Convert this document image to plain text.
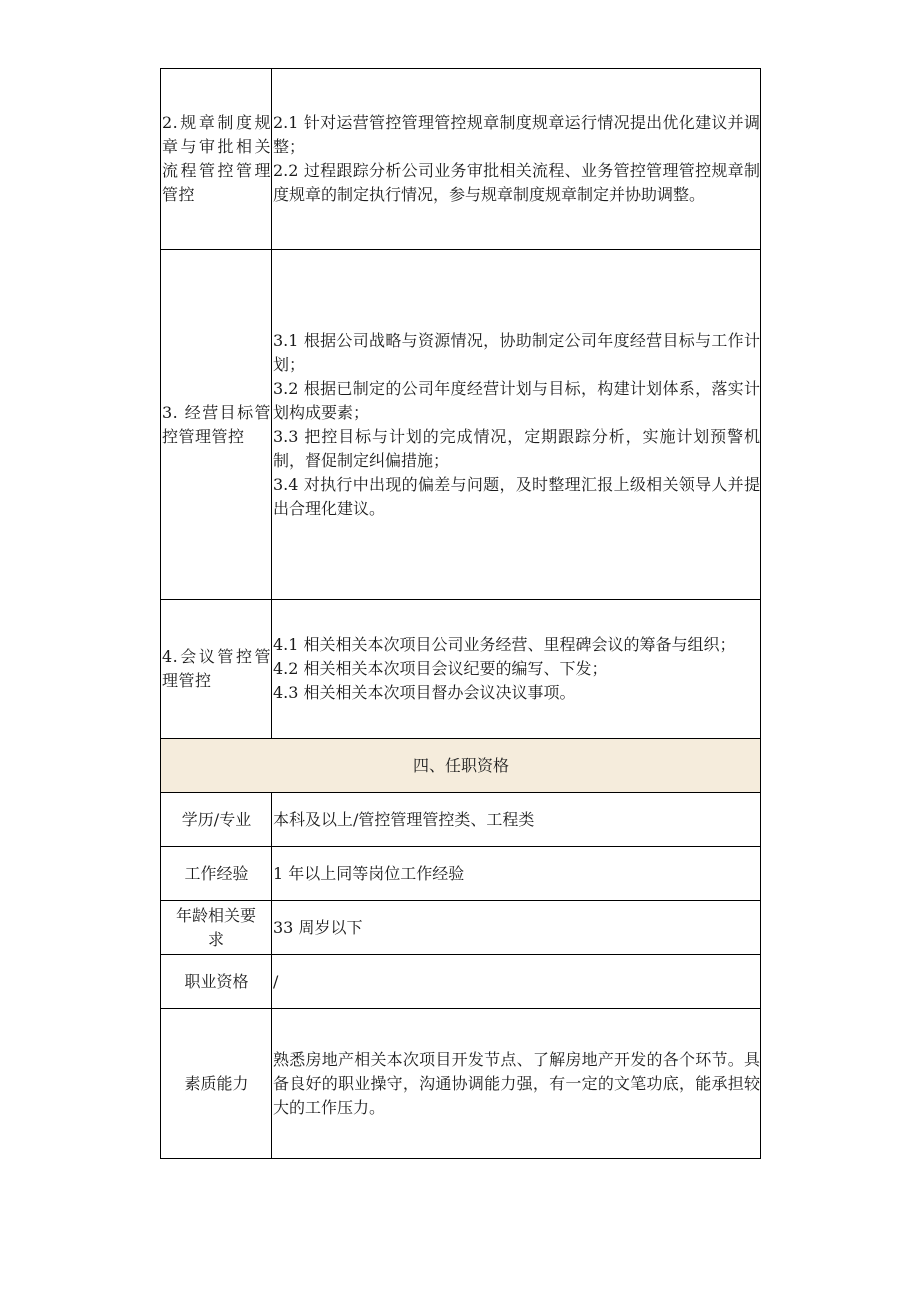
2.规章制度规章与审批相关流程管控管理管控	2.1 针对运营管控管理管控规章制度规章运行情况提出优化建议并调整；

2.2 过程跟踪分析公司业务审批相关流程、业务管控管理管控规章制度规章的制定执行情况，参与规章制度规章制定并协助调整。

3. 经营目标管控管理管控	3.1 根据公司战略与资源情况，协助制定公司年度经营目标与工作计划；

3.2 根据已制定的公司年度经营计划与目标，构建计划体系，落实计划构成要素；

3.3 把控目标与计划的完成情况，定期跟踪分析，实施计划预警机制，督促制定纠偏措施；

3.4 对执行中出现的偏差与问题，及时整理汇报上级相关领导人并提出合理化建议。

4.会议管控管理管控	4.1 相关相关本次项目公司业务经营、里程碑会议的筹备与组织；

4.2 相关相关本次项目会议纪要的编写、下发；

4.3 相关相关本次项目督办会议决议事项。

四、任职资格	
学历/专业	本科及以上/管控管理管控类、工程类
工作经验	1 年以上同等岗位工作经验
年龄相关要求	33 周岁以下
职业资格	/
素质能力	熟悉房地产相关本次项目开发节点、了解房地产开发的各个环节。具备良好的职业操守，沟通协调能力强，有一定的文笔功底，能承担较大的工作压力。
